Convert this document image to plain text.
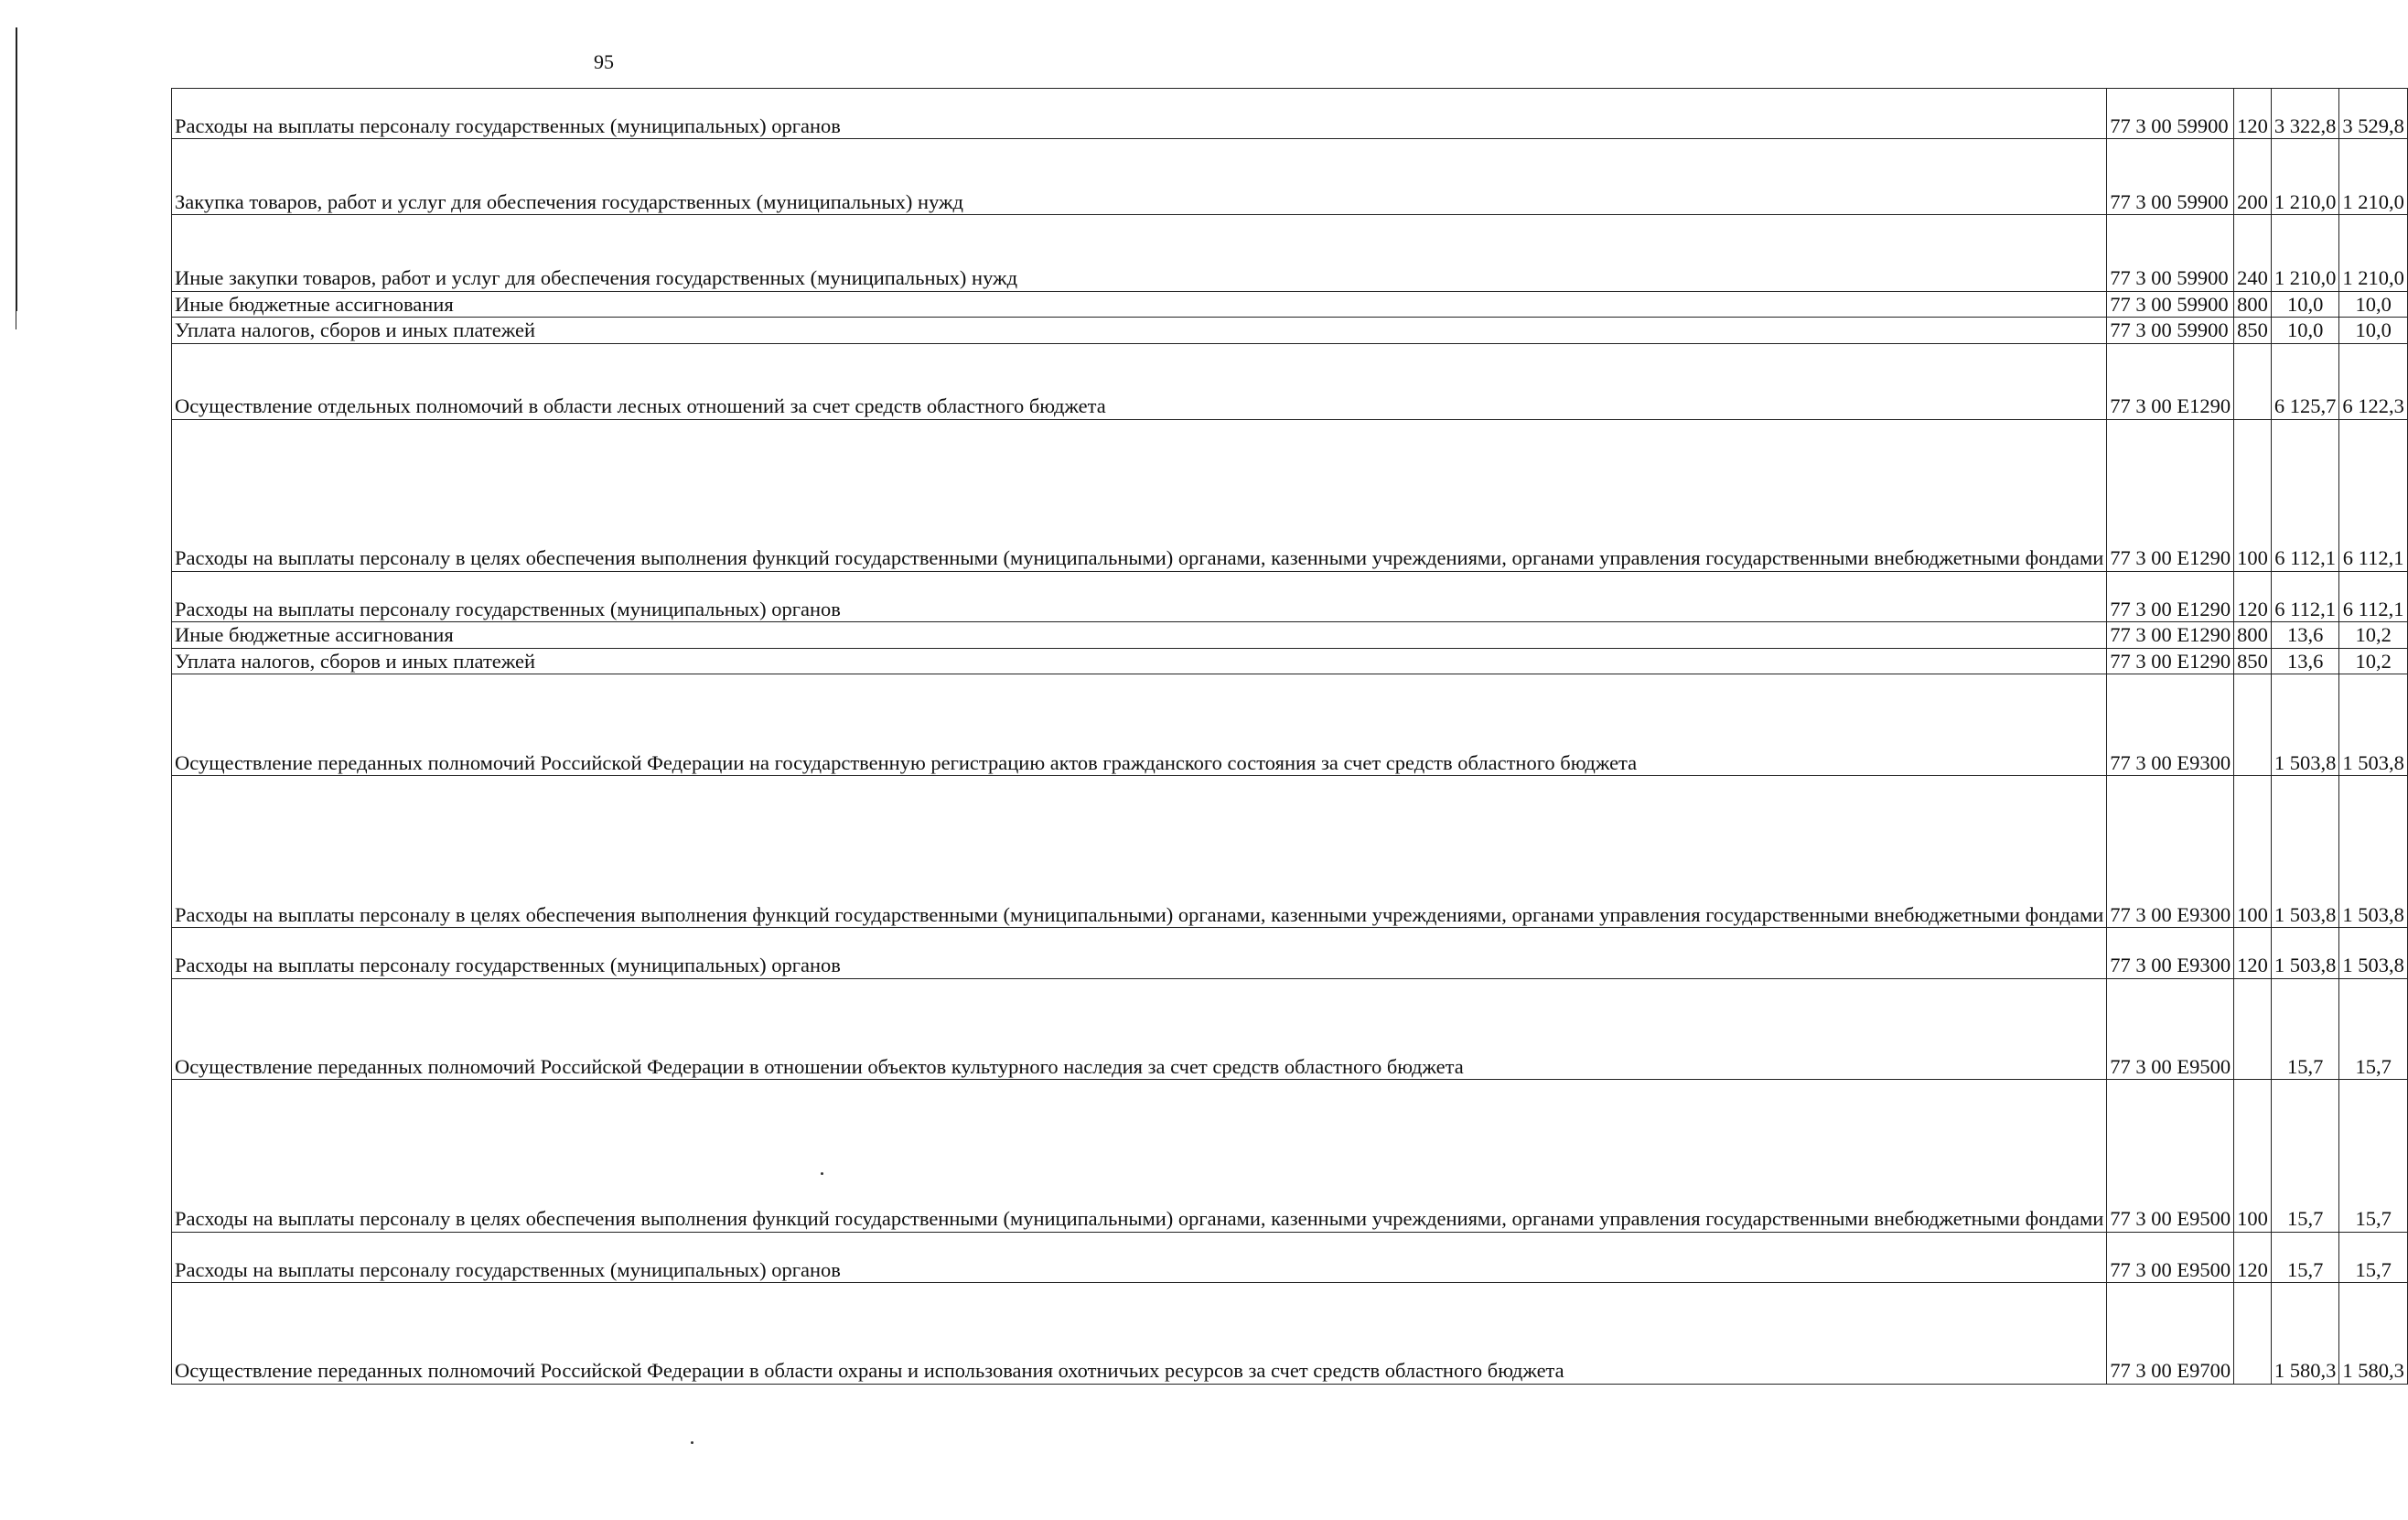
95
Расходы на выплаты персоналу государственных (муниципальных) органов	77 3 00 59900	120	3 322,8	3 529,8
Закупка товаров, работ и услуг для обеспечения государственных (муниципальных) нужд	77 3 00 59900	200	1 210,0	1 210,0
Иные закупки товаров, работ и услуг для обеспечения государственных (муниципальных) нужд	77 3 00 59900	240	1 210,0	1 210,0
Иные бюджетные ассигнования	77 3 00 59900	800	10,0	10,0
Уплата налогов, сборов и иных платежей	77 3 00 59900	850	10,0	10,0
Осуществление отдельных полномочий в области лесных отношений за счет средств областного бюджета	77 3 00 Е1290		6 125,7	6 122,3
Расходы на выплаты персоналу в целях обеспечения выполнения функций государственными (муниципальными) органами, казенными учреждениями, органами управления государственными внебюджетными фондами	77 3 00 Е1290	100	6 112,1	6 112,1
Расходы на выплаты персоналу государственных (муниципальных) органов	77 3 00 Е1290	120	6 112,1	6 112,1
Иные бюджетные ассигнования	77 3 00 Е1290	800	13,6	10,2
Уплата налогов, сборов и иных платежей	77 3 00 Е1290	850	13,6	10,2
Осуществление переданных полномочий Российской Федерации на государственную регистрацию актов гражданского состояния за счет средств областного бюджета	77 3 00 Е9300		1 503,8	1 503,8
Расходы на выплаты персоналу в целях обеспечения выполнения функций государственными (муниципальными) органами, казенными учреждениями, органами управления государственными внебюджетными фондами	77 3 00 Е9300	100	1 503,8	1 503,8
Расходы на выплаты персоналу государственных (муниципальных) органов	77 3 00 Е9300	120	1 503,8	1 503,8
Осуществление переданных полномочий Российской Федерации в отношении объектов культурного наследия за счет средств областного бюджета	77 3 00 Е9500		15,7	15,7
Расходы на выплаты персоналу в целях обеспечения выполнения функций государственными (муниципальными) органами, казенными учреждениями, органами управления государственными внебюджетными фондами	77 3 00 Е9500	100	15,7	15,7
Расходы на выплаты персоналу государственных (муниципальных) органов	77 3 00 Е9500	120	15,7	15,7
Осуществление переданных полномочий Российской Федерации в области охраны и использования охотничьих ресурсов за счет средств областного бюджета	77 3 00 Е9700		1 580,3	1 580,3
